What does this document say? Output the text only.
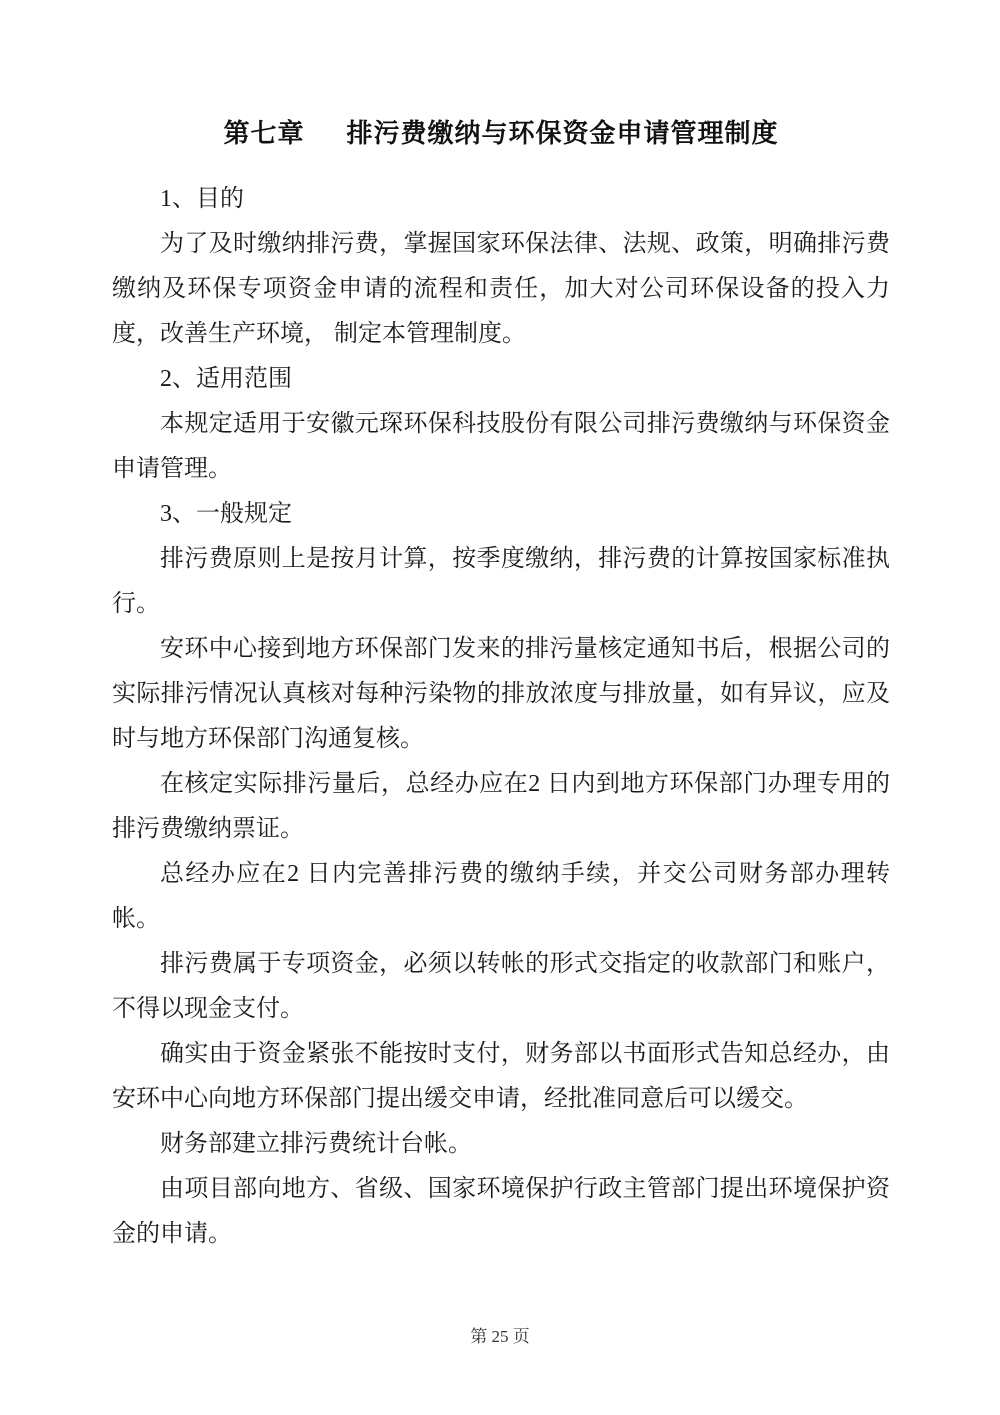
第七章 排污费缴纳与环保资金申请管理制度

1、目的

为了及时缴纳排污费，掌握国家环保法律、法规、政策，明确排污费缴纳及环保专项资金申请的流程和责任，加大对公司环保设备的投入力度，改善生产环境， 制定本管理制度。

2、适用范围

本规定适用于安徽元琛环保科技股份有限公司排污费缴纳与环保资金申请管理。

3、一般规定

排污费原则上是按月计算，按季度缴纳，排污费的计算按国家标准执行。

安环中心接到地方环保部门发来的排污量核定通知书后，根据公司的实际排污情况认真核对每种污染物的排放浓度与排放量，如有异议，应及时与地方环保部门沟通复核。

在核定实际排污量后，总经办应在2 日内到地方环保部门办理专用的排污费缴纳票证。

总经办应在2 日内完善排污费的缴纳手续，并交公司财务部办理转帐。

排污费属于专项资金，必须以转帐的形式交指定的收款部门和账户，不得以现金支付。

确实由于资金紧张不能按时支付，财务部以书面形式告知总经办，由安环中心向地方环保部门提出缓交申请，经批准同意后可以缓交。

财务部建立排污费统计台帐。

由项目部向地方、省级、国家环境保护行政主管部门提出环境保护资金的申请。

第 25 页
